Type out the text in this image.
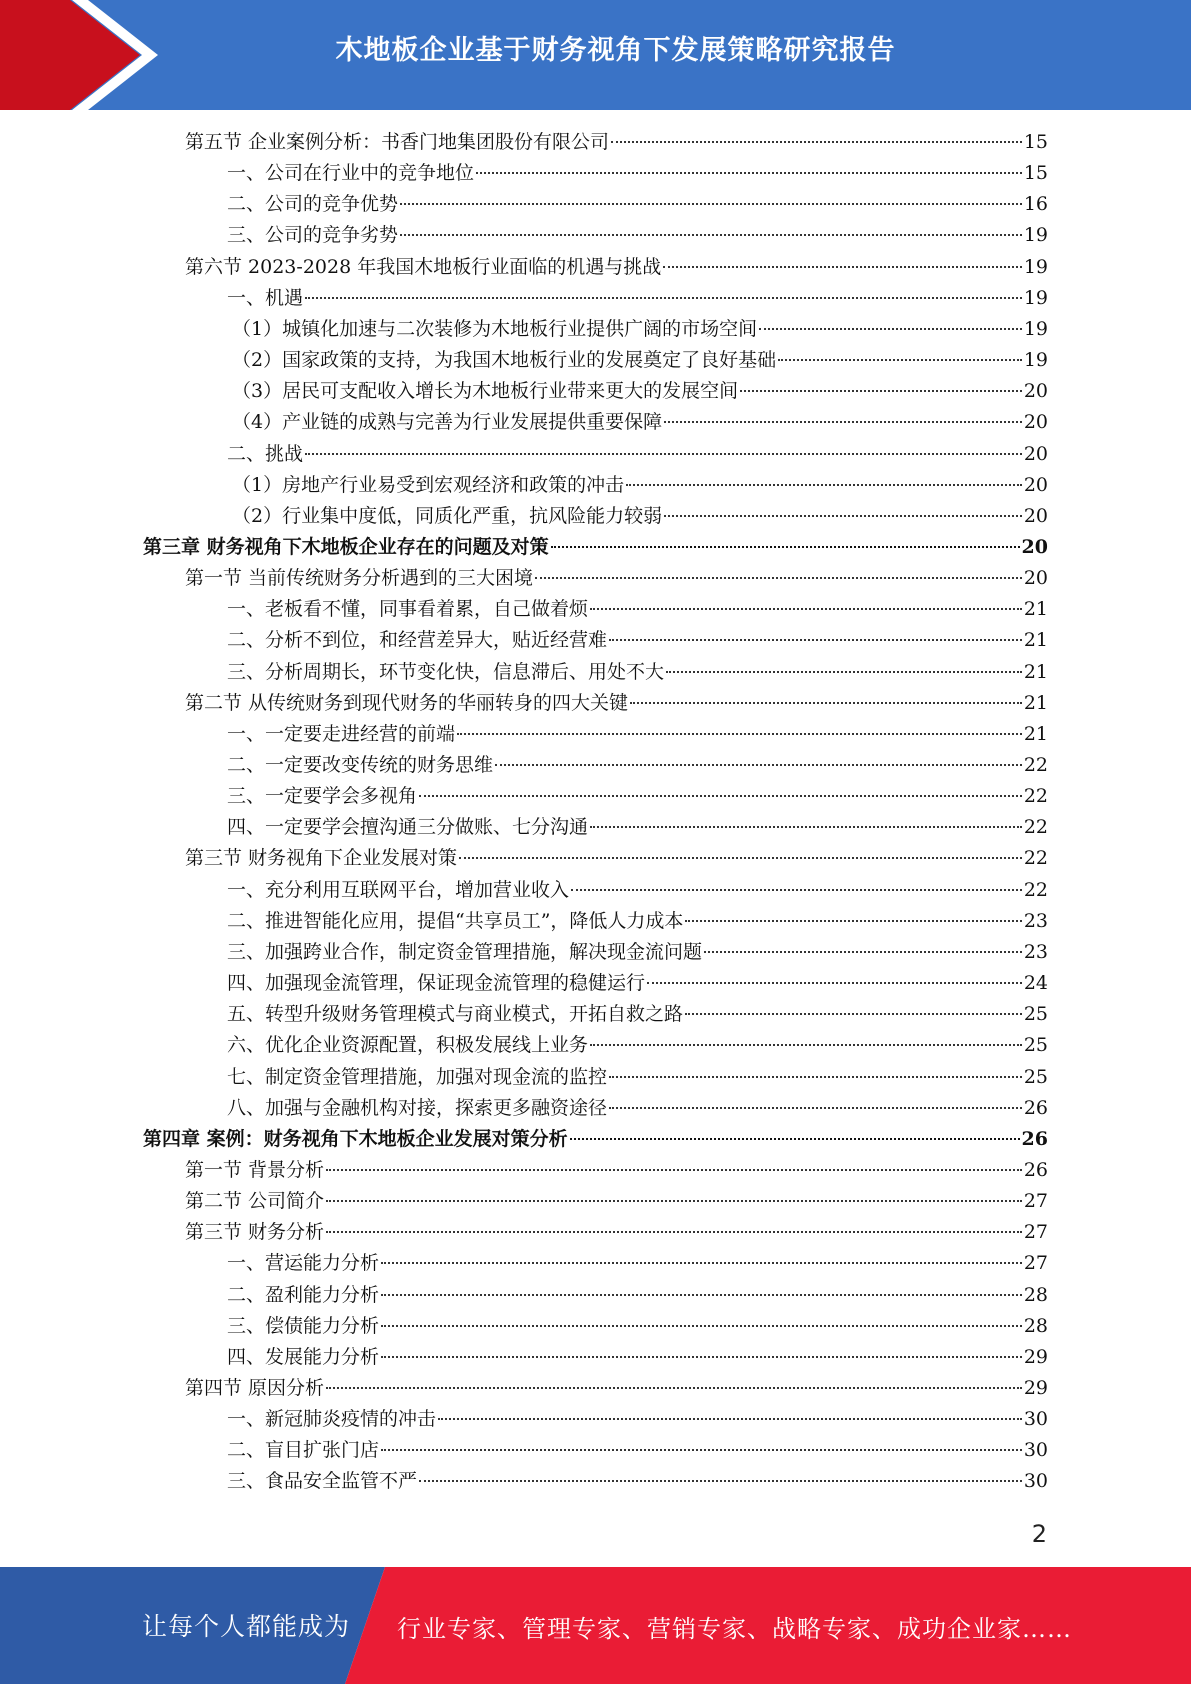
木地板企业基于财务视角下发展策略研究报告
第五节 企业案例分析：书香门地集团股份有限公司	15
一、公司在行业中的竞争地位	15
二、公司的竞争优势	16
三、公司的竞争劣势	19
第六节 2023-2028 年我国木地板行业面临的机遇与挑战	19
一、机遇	19
（1）城镇化加速与二次装修为木地板行业提供广阔的市场空间	19
（2）国家政策的支持，为我国木地板行业的发展奠定了良好基础	19
（3）居民可支配收入增长为木地板行业带来更大的发展空间	20
（4）产业链的成熟与完善为行业发展提供重要保障	20
二、挑战	20
（1）房地产行业易受到宏观经济和政策的冲击	20
（2）行业集中度低，同质化严重，抗风险能力较弱	20
第三章 财务视角下木地板企业存在的问题及对策	20
第一节 当前传统财务分析遇到的三大困境	20
一、老板看不懂，同事看着累，自己做着烦	21
二、分析不到位，和经营差异大，贴近经营难	21
三、分析周期长，环节变化快，信息滞后、用处不大	21
第二节 从传统财务到现代财务的华丽转身的四大关键	21
一、一定要走进经营的前端	21
二、一定要改变传统的财务思维	22
三、一定要学会多视角	22
四、一定要学会擅沟通三分做账、七分沟通	22
第三节 财务视角下企业发展对策	22
一、充分利用互联网平台，增加营业收入	22
二、推进智能化应用，提倡“共享员工”，降低人力成本	23
三、加强跨业合作，制定资金管理措施，解决现金流问题	23
四、加强现金流管理，保证现金流管理的稳健运行	24
五、转型升级财务管理模式与商业模式，开拓自救之路	25
六、优化企业资源配置，积极发展线上业务	25
七、制定资金管理措施，加强对现金流的监控	25
八、加强与金融机构对接，探索更多融资途径	26
第四章 案例：财务视角下木地板企业发展对策分析	26
第一节 背景分析	26
第二节 公司简介	27
第三节 财务分析	27
一、营运能力分析	27
二、盈利能力分析	28
三、偿债能力分析	28
四、发展能力分析	29
第四节 原因分析	29
一、新冠肺炎疫情的冲击	30
二、盲目扩张门店	30
三、食品安全监管不严	30
2
让每个人都能成为 行业专家、管理专家、营销专家、战略专家、成功企业家……
